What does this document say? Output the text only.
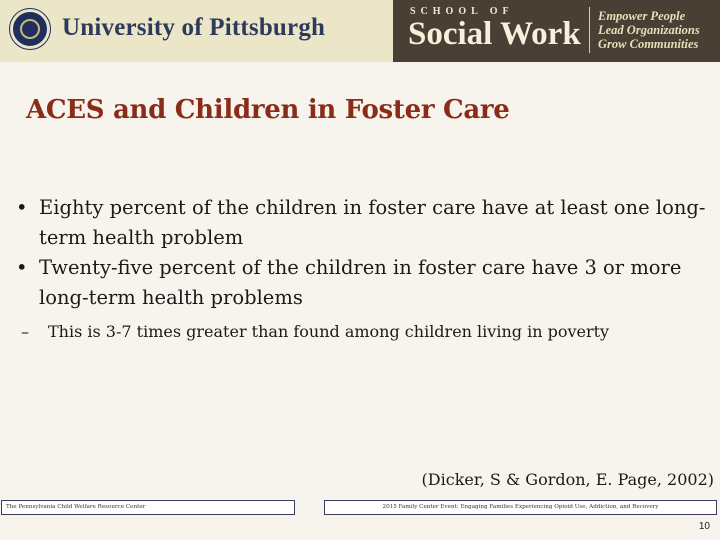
University of Pittsburgh
SCHOOL OF
Social Work Empower People
Lead Organizations
Grow Communities
ACES and Children in Foster Care
• Eighty percent of the children in foster care have at least one long-term health problem
• Twenty-five percent of the children in foster care have 3 or more long-term health problems
– This is 3-7 times greater than found among children living in poverty
(Dicker, S & Gordon, E. Page, 2002)
The Pennsylvania Child Welfare Resource Center	2015 Family Center Event: Engaging Families Experiencing Opioid Use, Addiction, and Recovery
10
